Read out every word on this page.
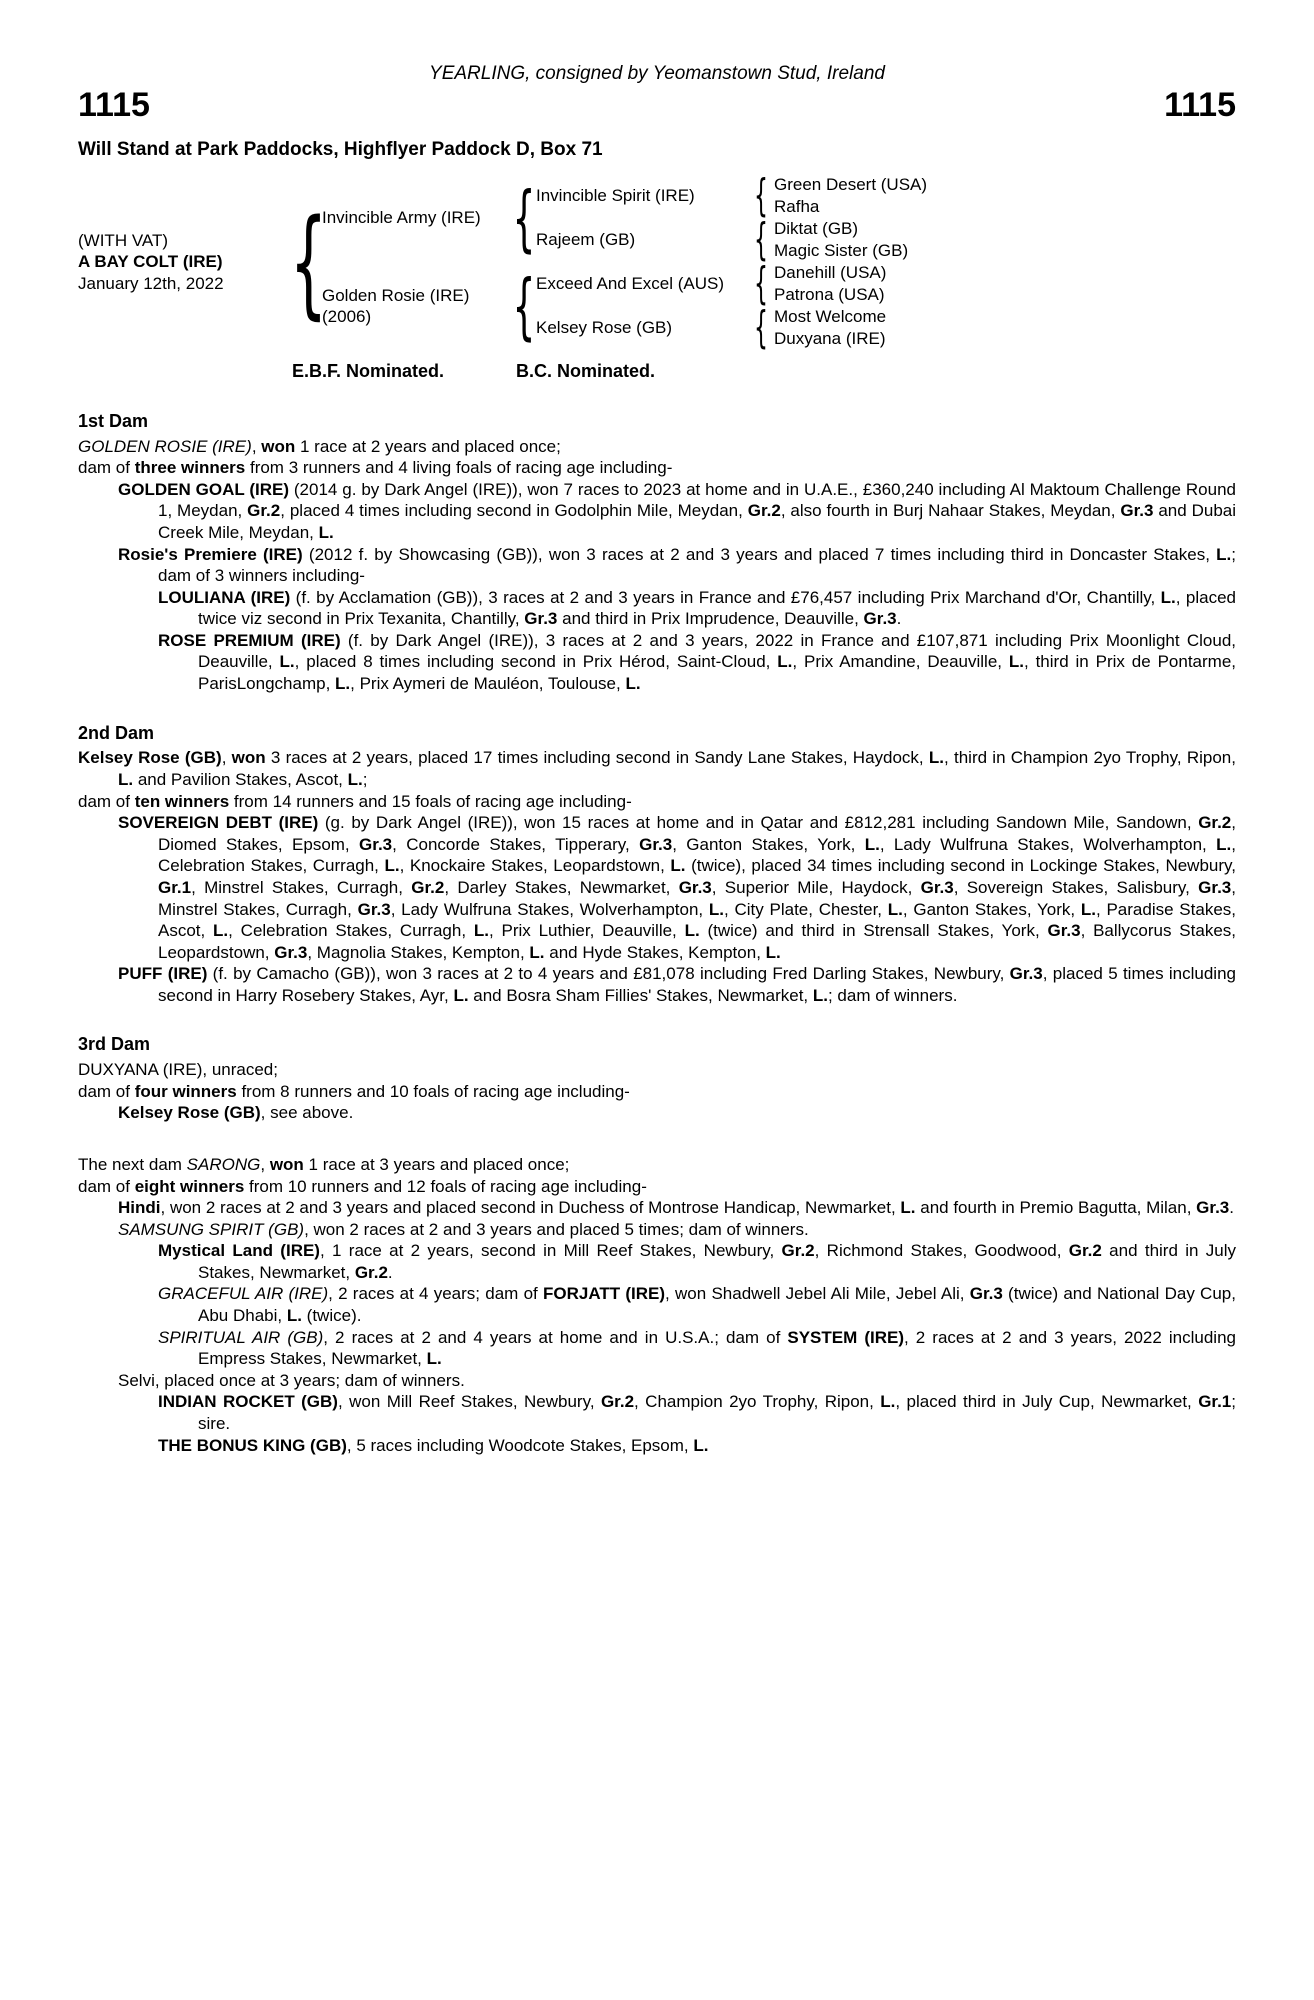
YEARLING, consigned by Yeomanstown Stud, Ireland
1115	1115
Will Stand at Park Paddocks, Highflyer Paddock D, Box 71
(WITH VAT)
A BAY COLT (IRE)
January 12th, 2022 {
Invincible Army (IRE)
Golden Rosie (IRE)
(2006)
{
{
Invincible Spirit (IRE)
Rajeem (GB)
Exceed And Excel (AUS)
Kelsey Rose (GB)
{
{
{
{
Green Desert (USA)
Rafha
Diktat (GB)
Magic Sister (GB)
Danehill (USA)
Patrona (USA)
Most Welcome
Duxyana (IRE)
E.B.F. Nominated.	B.C. Nominated.
1st Dam

GOLDEN ROSIE (IRE), won 1 race at 2 years and placed once;

dam of three winners from 3 runners and 4 living foals of racing age including-

GOLDEN GOAL (IRE) (2014 g. by Dark Angel (IRE)), won 7 races to 2023 at home and in U.A.E., £360,240 including Al Maktoum Challenge Round 1, Meydan, Gr.2, placed 4 times including second in Godolphin Mile, Meydan, Gr.2, also fourth in Burj Nahaar Stakes, Meydan, Gr.3 and Dubai Creek Mile, Meydan, L.

Rosie's Premiere (IRE) (2012 f. by Showcasing (GB)), won 3 races at 2 and 3 years and placed 7 times including third in Doncaster Stakes, L.; dam of 3 winners including-

LOULIANA (IRE) (f. by Acclamation (GB)), 3 races at 2 and 3 years in France and £76,457 including Prix Marchand d'Or, Chantilly, L., placed twice viz second in Prix Texanita, Chantilly, Gr.3 and third in Prix Imprudence, Deauville, Gr.3.

ROSE PREMIUM (IRE) (f. by Dark Angel (IRE)), 3 races at 2 and 3 years, 2022 in France and £107,871 including Prix Moonlight Cloud, Deauville, L., placed 8 times including second in Prix Hérod, Saint-Cloud, L., Prix Amandine, Deauville, L., third in Prix de Pontarme, ParisLongchamp, L., Prix Aymeri de Mauléon, Toulouse, L.

2nd Dam

Kelsey Rose (GB), won 3 races at 2 years, placed 17 times including second in Sandy Lane Stakes, Haydock, L., third in Champion 2yo Trophy, Ripon, L. and Pavilion Stakes, Ascot, L.;

dam of ten winners from 14 runners and 15 foals of racing age including-

SOVEREIGN DEBT (IRE) (g. by Dark Angel (IRE)), won 15 races at home and in Qatar and £812,281 including Sandown Mile, Sandown, Gr.2, Diomed Stakes, Epsom, Gr.3, Concorde Stakes, Tipperary, Gr.3, Ganton Stakes, York, L., Lady Wulfruna Stakes, Wolverhampton, L., Celebration Stakes, Curragh, L., Knockaire Stakes, Leopardstown, L. (twice), placed 34 times including second in Lockinge Stakes, Newbury, Gr.1, Minstrel Stakes, Curragh, Gr.2, Darley Stakes, Newmarket, Gr.3, Superior Mile, Haydock, Gr.3, Sovereign Stakes, Salisbury, Gr.3, Minstrel Stakes, Curragh, Gr.3, Lady Wulfruna Stakes, Wolverhampton, L., City Plate, Chester, L., Ganton Stakes, York, L., Paradise Stakes, Ascot, L., Celebration Stakes, Curragh, L., Prix Luthier, Deauville, L. (twice) and third in Strensall Stakes, York, Gr.3, Ballycorus Stakes, Leopardstown, Gr.3, Magnolia Stakes, Kempton, L. and Hyde Stakes, Kempton, L.

PUFF (IRE) (f. by Camacho (GB)), won 3 races at 2 to 4 years and £81,078 including Fred Darling Stakes, Newbury, Gr.3, placed 5 times including second in Harry Rosebery Stakes, Ayr, L. and Bosra Sham Fillies' Stakes, Newmarket, L.; dam of winners.

3rd Dam

DUXYANA (IRE), unraced;

dam of four winners from 8 runners and 10 foals of racing age including-

Kelsey Rose (GB), see above.

The next dam SARONG, won 1 race at 3 years and placed once;

dam of eight winners from 10 runners and 12 foals of racing age including-

Hindi, won 2 races at 2 and 3 years and placed second in Duchess of Montrose Handicap, Newmarket, L. and fourth in Premio Bagutta, Milan, Gr.3.

SAMSUNG SPIRIT (GB), won 2 races at 2 and 3 years and placed 5 times; dam of winners.

Mystical Land (IRE), 1 race at 2 years, second in Mill Reef Stakes, Newbury, Gr.2, Richmond Stakes, Goodwood, Gr.2 and third in July Stakes, Newmarket, Gr.2.

GRACEFUL AIR (IRE), 2 races at 4 years; dam of FORJATT (IRE), won Shadwell Jebel Ali Mile, Jebel Ali, Gr.3 (twice) and National Day Cup, Abu Dhabi, L. (twice).

SPIRITUAL AIR (GB), 2 races at 2 and 4 years at home and in U.S.A.; dam of SYSTEM (IRE), 2 races at 2 and 3 years, 2022 including Empress Stakes, Newmarket, L.

Selvi, placed once at 3 years; dam of winners.

INDIAN ROCKET (GB), won Mill Reef Stakes, Newbury, Gr.2, Champion 2yo Trophy, Ripon, L., placed third in July Cup, Newmarket, Gr.1; sire.

THE BONUS KING (GB), 5 races including Woodcote Stakes, Epsom, L.
